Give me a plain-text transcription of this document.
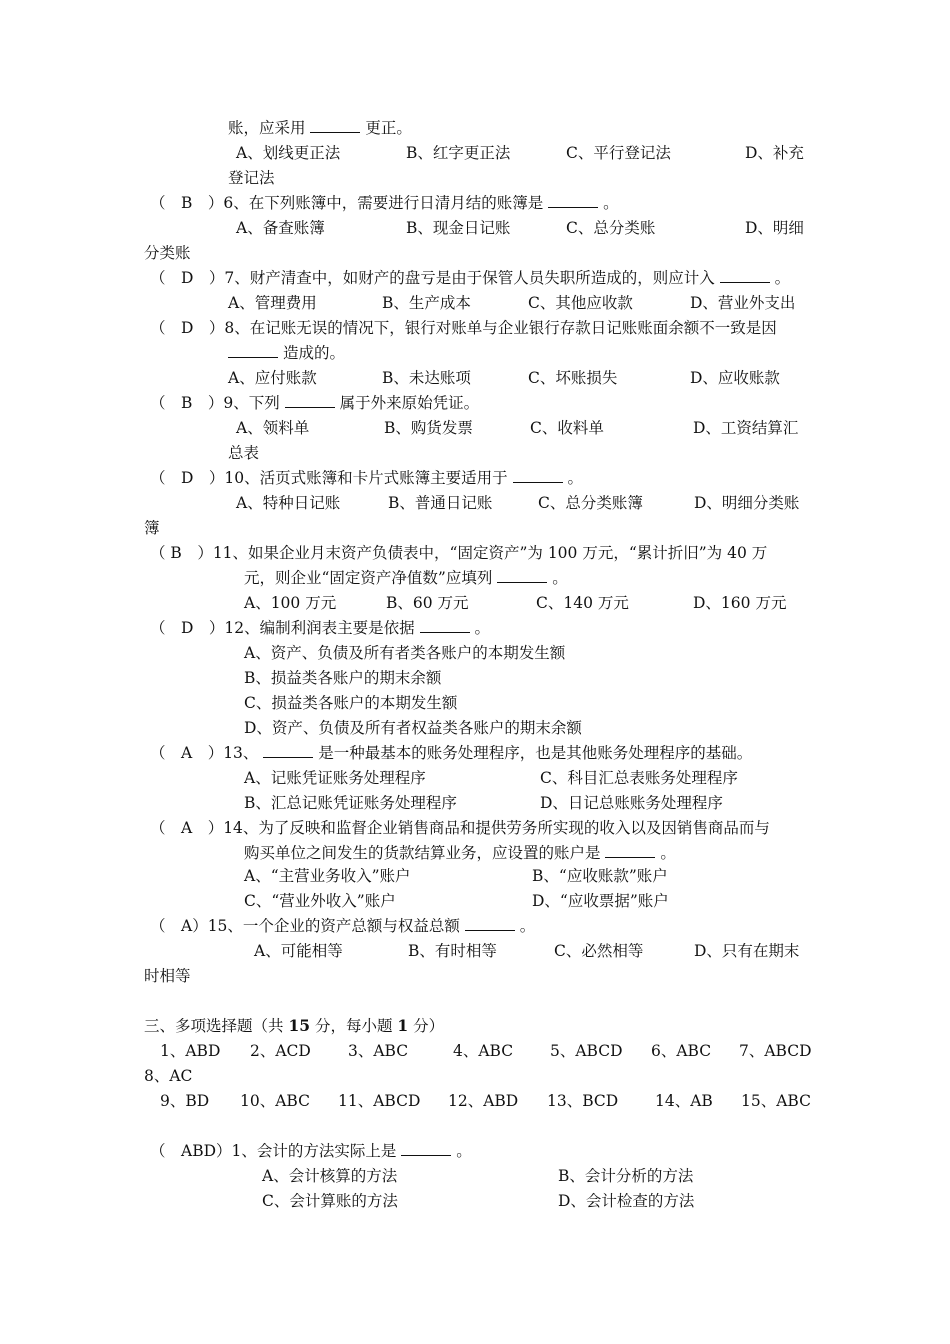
账，应采用	更正。
A、划线更正法	B、红字更正法	C、平行登记法	D、补充
登记法
（　B　）6、在下列账簿中，需要进行日清月结的账簿是	。
A、备查账簿	B、现金日记账	C、总分类账	D、明细
分类账
（　D　）7、财产清查中，如财产的盘亏是由于保管人员失职所造成的，则应计入	。
A、管理费用	B、生产成本	C、其他应收款	D、营业外支出
（　D　）8、在记账无误的情况下，银行对账单与企业银行存款日记账账面余额不一致是因
造成的。
A、应付账款	B、未达账项	C、坏账损失	D、应收账款
（　B　）9、下列	属于外来原始凭证。
A、领料单	B、购货发票	C、收料单	D、工资结算汇
总表
（　D　）10、活页式账簿和卡片式账簿主要适用于	。
A、特种日记账	B、普通日记账	C、总分类账簿	D、明细分类账
簿
（ B　）11、如果企业月末资产负债表中，“固定资产”为 100 万元，“累计折旧”为 40 万
元，则企业“固定资产净值数”应填列	。
A、100 万元	B、60 万元	C、140 万元	D、160 万元
（　D　）12、编制利润表主要是依据	。
A、资产、负债及所有者类各账户的本期发生额
B、损益类各账户的期末余额
C、损益类各账户的本期发生额
D、资产、负债及所有者权益类各账户的期末余额
（　A　）13、	是一种最基本的账务处理程序，也是其他账务处理程序的基础。
A、记账凭证账务处理程序	C、科目汇总表账务处理程序
B、汇总记账凭证账务处理程序	D、日记总账账务处理程序
（　A　）14、为了反映和监督企业销售商品和提供劳务所实现的收入以及因销售商品而与
购买单位之间发生的货款结算业务，应设置的账户是	。
A、“主营业务收入”账户	B、“应收账款”账户
C、“营业外收入”账户	D、“应收票据”账户
（　A）15、一个企业的资产总额与权益总额	。
A、可能相等	B、有时相等	C、必然相等	D、只有在期末
时相等
三、多项选择题（共 15 分，每小题 1 分）
1、ABD 2、ACD 3、ABC	4、ABC 5、ABCD 6、ABC 7、ABCD
8、AC
9、BD 10、ABC 11、ABCD 12、ABD 13、BCD 14、AB 15、ABC
（　ABD）1、会计的方法实际上是	。
A、会计核算的方法	B、会计分析的方法
C、会计算账的方法	D、会计检查的方法
